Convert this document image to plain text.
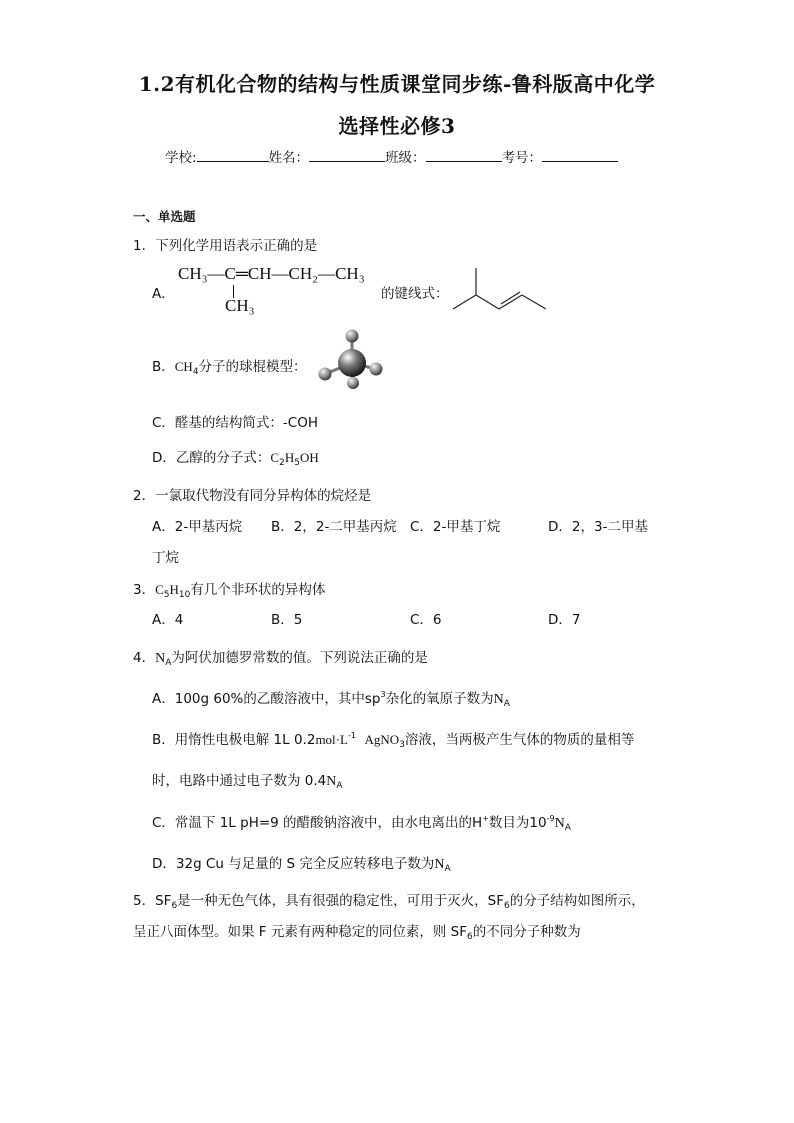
1.2有机化合物的结构与性质课堂同步练-鲁科版高中化学
选择性必修3
学校:	姓名：	班级：	考号：
一、单选题
1．下列化学用语表示正确的是
A．
CH₃—C═CH—CH₂—CH₃
CH₃
的键线式：
B．$CH_4$分子的球棍模型：
C．醛基的结构简式：-COH
D．乙醇的分子式：$C_2H_5OH$
2．一氯取代物没有同分异构体的烷烃是
A．2-甲基丙烷 B．2，2-二甲基丙烷 C．2-甲基丁烷	D．2，3-二甲基
丁烷
3．$C_5H_{10}$有几个非环状的异构体
A．4	B．5	C．6	D．7
4．$N_A$为阿伏加德罗常数的值。下列说法正确的是
A．100g 60%的乙酸溶液中，其中$sp^3$杂化的氧原子数为$N_A$
B．用惰性电极电解 1L $0.2mol\cdot L^{-1}$ AgNO$_3$溶液，当两极产生气体的物质的量相等
时，电路中通过电子数为 $0.4N_A$
C．常温下 1L pH=9 的醋酸钠溶液中，由水电离出的H+数目为$10^{-9}N_A$
D．32g Cu 与足量的 S 完全反应转移电子数为$N_A$
5．$SF_6$是一种无色气体，具有很强的稳定性，可用于灭火，$SF_6$的分子结构如图所示，
呈正八面体型。如果 F 元素有两种稳定的同位素，则 $SF_6$的不同分子种数为
